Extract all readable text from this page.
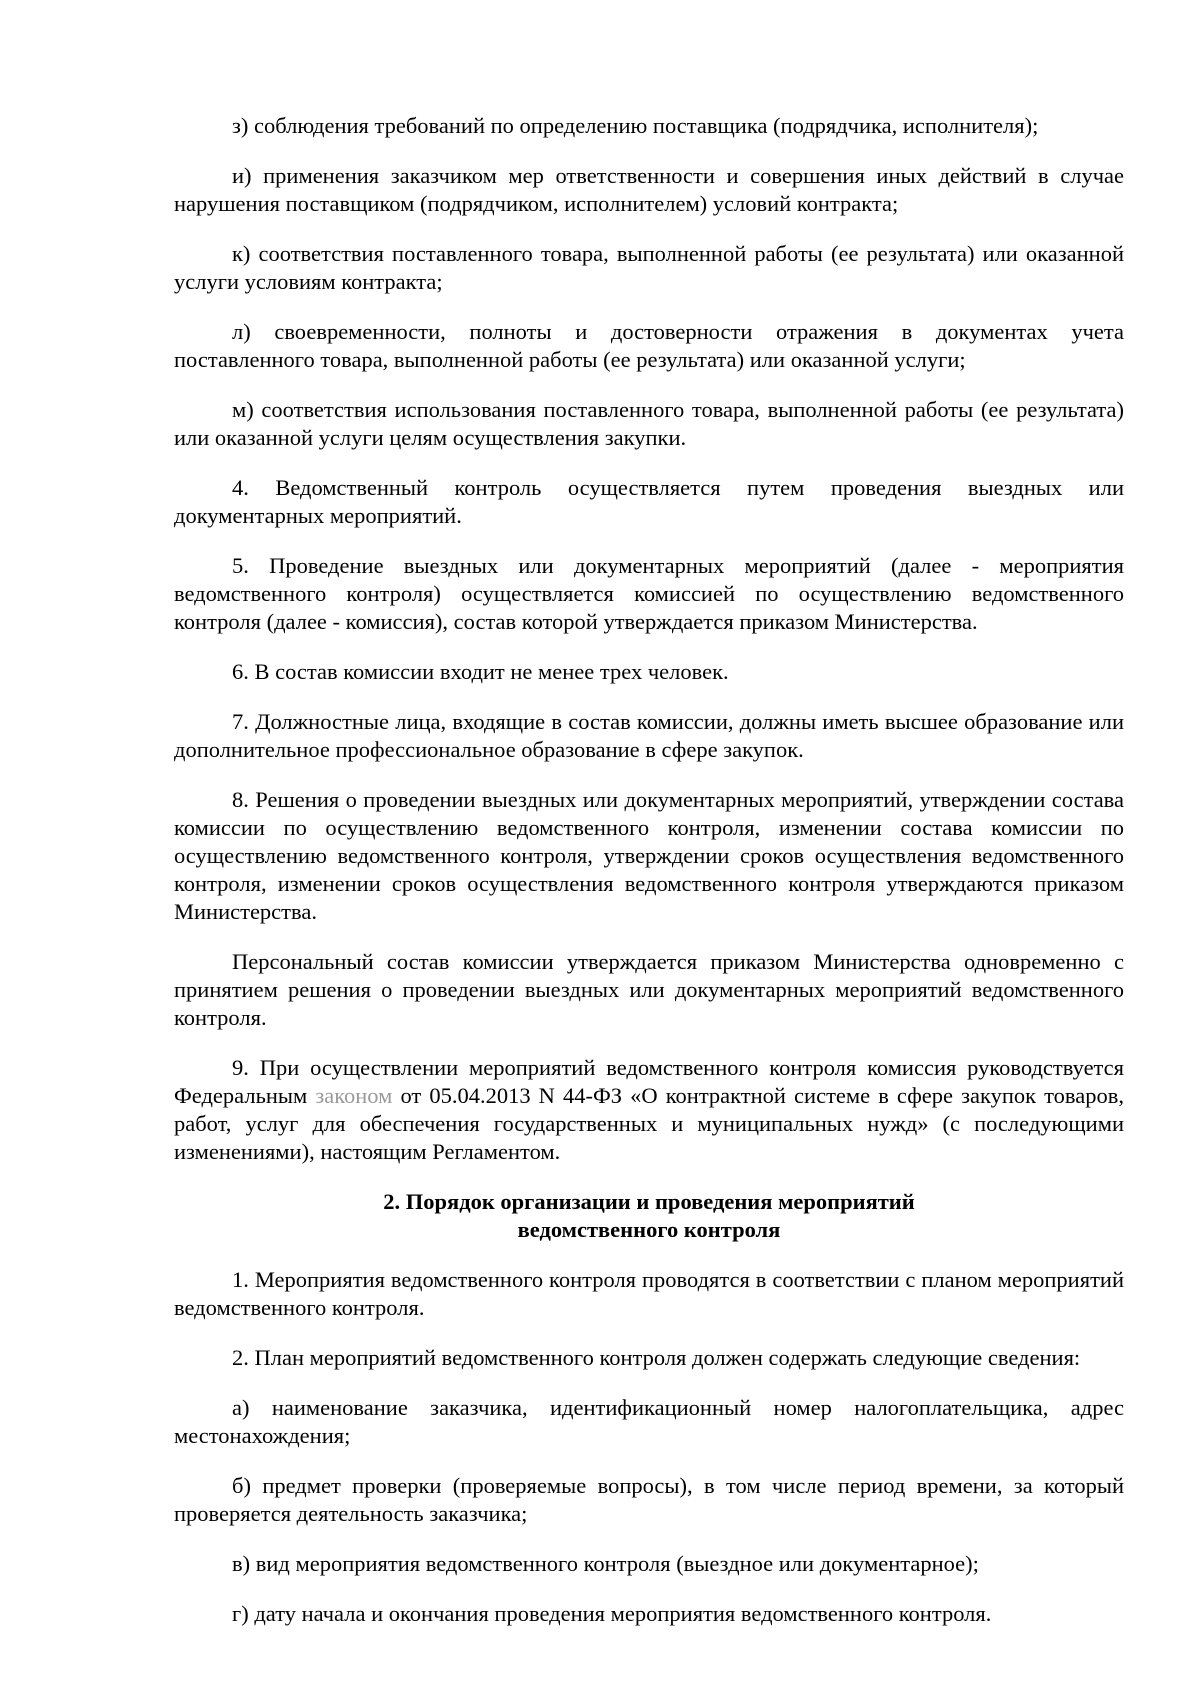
з) соблюдения требований по определению поставщика (подрядчика, исполнителя);

и) применения заказчиком мер ответственности и совершения иных действий в случае нарушения поставщиком (подрядчиком, исполнителем) условий контракта;

к) соответствия поставленного товара, выполненной работы (ее результата) или оказанной услуги условиям контракта;

л) своевременности, полноты и достоверности отражения в документах учета поставленного товара, выполненной работы (ее результата) или оказанной услуги;

м) соответствия использования поставленного товара, выполненной работы (ее результата) или оказанной услуги целям осуществления закупки.

4. Ведомственный контроль осуществляется путем проведения выездных или документарных мероприятий.

5. Проведение выездных или документарных мероприятий (далее - мероприятия ведомственного контроля) осуществляется комиссией по осуществлению ведомственного контроля (далее - комиссия), состав которой утверждается приказом Министерства.

6. В состав комиссии входит не менее трех человек.

7. Должностные лица, входящие в состав комиссии, должны иметь высшее образование или дополнительное профессиональное образование в сфере закупок.

8. Решения о проведении выездных или документарных мероприятий, утверждении состава комиссии по осуществлению ведомственного контроля, изменении состава комиссии по осуществлению ведомственного контроля, утверждении сроков осуществления ведомственного контроля, изменении сроков осуществления ведомственного контроля утверждаются приказом Министерства.

Персональный состав комиссии утверждается приказом Министерства одновременно с принятием решения о проведении выездных или документарных мероприятий ведомственного контроля.

9. При осуществлении мероприятий ведомственного контроля комиссия руководствуется Федеральным законом от 05.04.2013 N 44-ФЗ «О контрактной системе в сфере закупок товаров, работ, услуг для обеспечения государственных и муниципальных нужд» (с последующими изменениями), настоящим Регламентом.

2. Порядок организации и проведения мероприятий
ведомственного контроля

1. Мероприятия ведомственного контроля проводятся в соответствии с планом мероприятий ведомственного контроля.

2. План мероприятий ведомственного контроля должен содержать следующие сведения:

а) наименование заказчика, идентификационный номер налогоплательщика, адрес местонахождения;

б) предмет проверки (проверяемые вопросы), в том числе период времени, за который проверяется деятельность заказчика;

в) вид мероприятия ведомственного контроля (выездное или документарное);

г) дату начала и окончания проведения мероприятия ведомственного контроля.
